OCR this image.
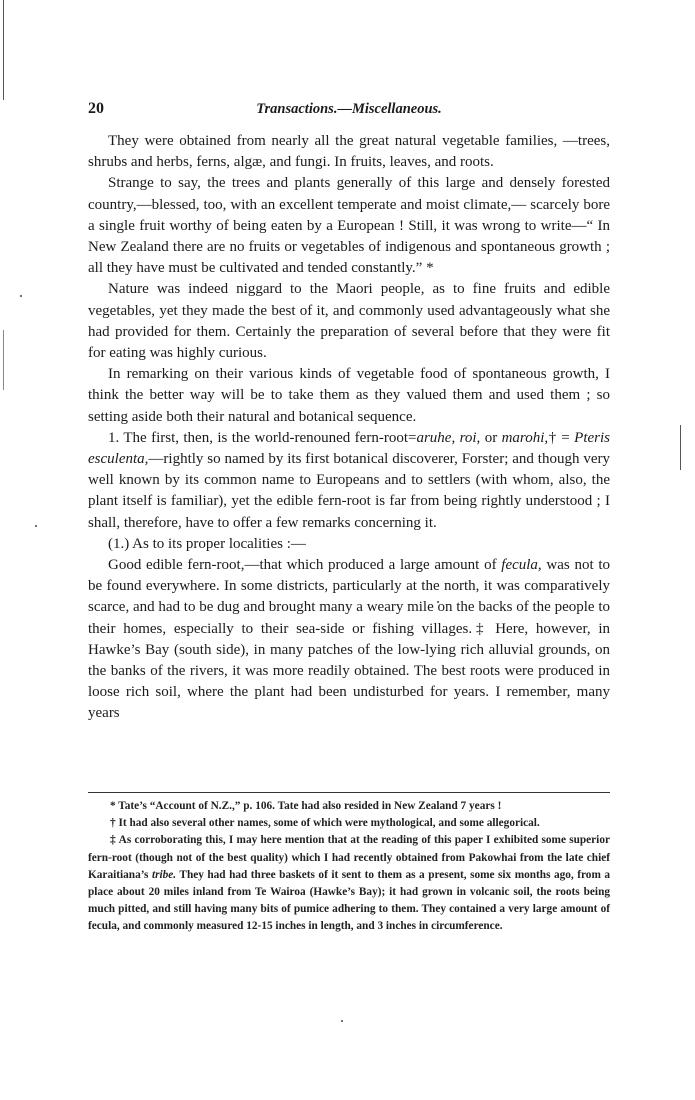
20	Transactions.—Miscellaneous.

They were obtained from nearly all the great natural vegetable families, —trees, shrubs and herbs, ferns, algæ, and fungi. In fruits, leaves, and roots.

Strange to say, the trees and plants generally of this large and densely forested country,—blessed, too, with an excellent temperate and moist climate,— scarcely bore a single fruit worthy of being eaten by a European ! Still, it was wrong to write—“ In New Zealand there are no fruits or vegetables of indigenous and spontaneous growth ; all they have must be cultivated and tended constantly.” *

Nature was indeed niggard to the Maori people, as to fine fruits and edible vegetables, yet they made the best of it, and commonly used advantageously what she had provided for them. Certainly the preparation of several before that they were fit for eating was highly curious.

In remarking on their various kinds of vegetable food of spontaneous growth, I think the better way will be to take them as they valued them and used them ; so setting aside both their natural and botanical sequence.

1. The first, then, is the world-renouned fern-root=aruhe, roi, or marohi,† = Pteris esculenta,—rightly so named by its first botanical discoverer, Forster; and though very well known by its common name to Europeans and to settlers (with whom, also, the plant itself is familiar), yet the edible fern-root is far from being rightly understood ; I shall, therefore, have to offer a few remarks concerning it.

(1.) As to its proper localities :—

Good edible fern-root,—that which produced a large amount of fecula, was not to be found everywhere. In some districts, particularly at the north, it was comparatively scarce, and had to be dug and brought many a weary mile on the backs of the people to their homes, especially to their sea-side or fishing villages.‡ Here, however, in Hawke’s Bay (south side), in many patches of the low-lying rich alluvial grounds, on the banks of the rivers, it was more readily obtained. The best roots were produced in loose rich soil, where the plant had been undisturbed for years. I remember, many years

* Tate’s “Account of N.Z.,” p. 106. Tate had also resided in New Zealand 7 years !

† It had also several other names, some of which were mythological, and some allegorical.

‡ As corroborating this, I may here mention that at the reading of this paper I exhibited some superior fern-root (though not of the best quality) which I had recently obtained from Pakowhai from the late chief Karaitiana’s tribe. They had had three baskets of it sent to them as a present, some six months ago, from a place about 20 miles inland from Te Wairoa (Hawke’s Bay); it had grown in volcanic soil, the roots being much pitted, and still having many bits of pumice adhering to them. They contained a very large amount of fecula, and commonly measured 12-15 inches in length, and 3 inches in circumference.
